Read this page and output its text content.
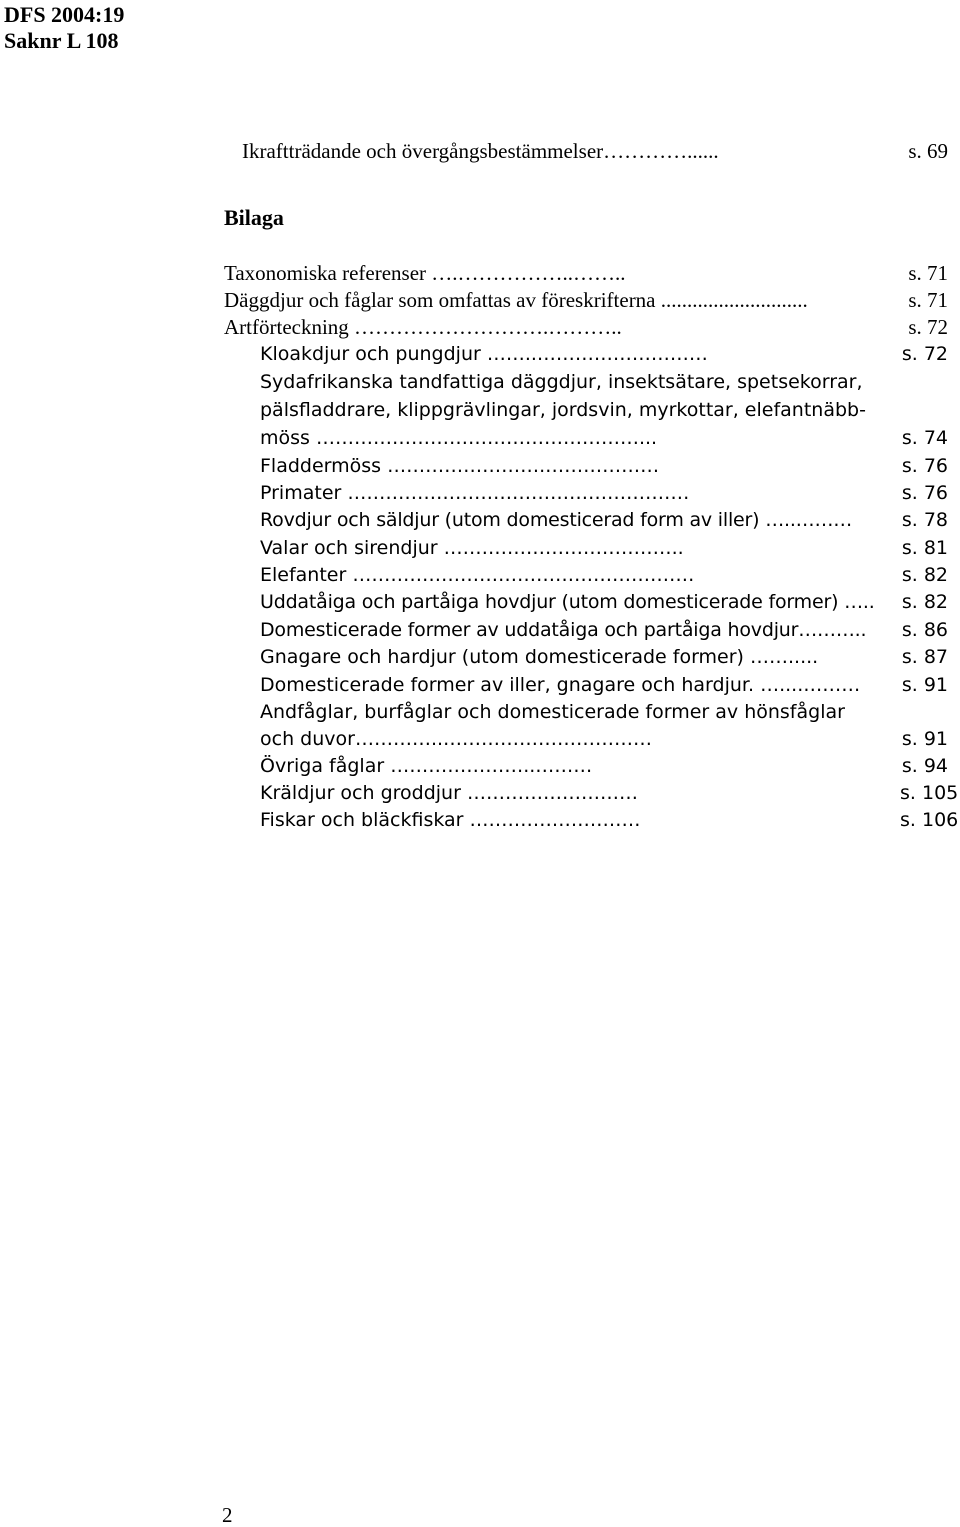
DFS 2004:19
Saknr L 108
Ikraftträdande och övergångsbestämmelser…………......	s. 69
Bilaga
Taxonomiska referenser ….……………..……..	s. 71
Däggdjur och fåglar som omfattas av föreskrifterna ............................	s. 71
Artförteckning ……………………….………..	s. 72
Kloakdjur och pungdjur ……..………………………	s. 72
Sydafrikanska tandfattiga däggdjur, insektsätare, spetsekorrar,
pälsfladdrare, klippgrävlingar, jordsvin, myrkottar, elefantnäbb-
möss ……………………………………………...	s. 74
Fladdermöss …………………….………………	s. 76
Primater ………………………………………………	s. 76
Rovdjur och säldjur (utom domesticerad form av iller) …..………	s. 78
Valar och sirendjur ………………………………..	s. 81
Elefanter ………………………………………………	s. 82
Uddatåiga och partåiga hovdjur (utom domesticerade former) …..	s. 82
Domesticerade former av uddatåiga och partåiga hovdjur………..	s. 86
Gnagare och hardjur (utom domesticerade former) …….....	s. 87
Domesticerade former av iller, gnagare och hardjur. …....………	s. 91
Andfåglar, burfåglar och domesticerade former av hönsfåglar
och duvor…………..……………………………	s. 91
Övriga fåglar …………………..………	s. 94
Kräldjur och groddjur ………………………	s. 105
Fiskar och bläckfiskar ………………………	s. 106
2
